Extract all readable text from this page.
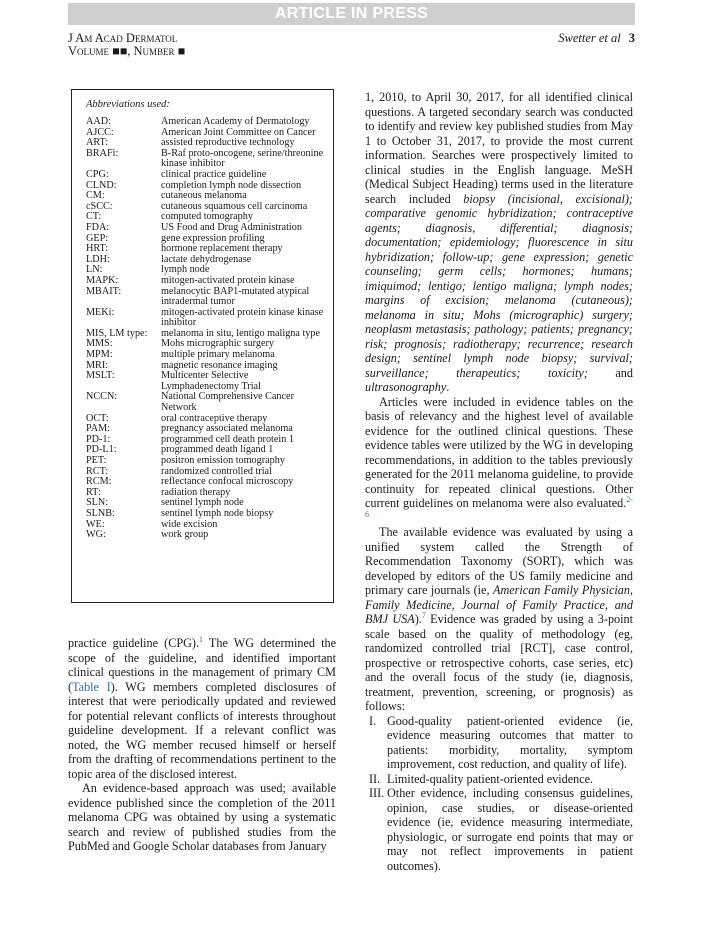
ARTICLE IN PRESS
J Am Acad Dermatol
Volume ■■, Number ■
Swetter et al 3
Abbreviations used:
AAD:	American Academy of Dermatology
AJCC:	American Joint Committee on Cancer
ART:	assisted reproductive technology
BRAFi:	B-Raf proto-oncogene, serine/threonine kinase inhibitor
CPG:	clinical practice guideline
CLND:	completion lymph node dissection
CM:	cutaneous melanoma
cSCC:	cutaneous squamous cell carcinoma
CT:	computed tomography
FDA:	US Food and Drug Administration
GEP:	gene expression profiling
HRT:	hormone replacement therapy
LDH:	lactate dehydrogenase
LN:	lymph node
MAPK:	mitogen-activated protein kinase
MBAIT:	melanocytic BAP1-mutated atypical intradermal tumor
MEKi:	mitogen-activated protein kinase kinase inhibitor
MIS, LM type:	melanoma in situ, lentigo maligna type
MMS:	Mohs micrographic surgery
MPM:	multiple primary melanoma
MRI:	magnetic resonance imaging
MSLT:	Multicenter Selective Lymphadenectomy Trial
NCCN:	National Comprehensive Cancer Network
OCT:	oral contraceptive therapy
PAM:	pregnancy associated melanoma
PD-1:	programmed cell death protein 1
PD-L1:	programmed death ligand 1
PET:	positron emission tomography
RCT:	randomized controlled trial
RCM:	reflectance confocal microscopy
RT:	radiation therapy
SLN:	sentinel lymph node
SLNB:	sentinel lymph node biopsy
WE:	wide excision
WG:	work group

practice guideline (CPG).$^1$ The WG determined the scope of the guideline, and identified important clinical questions in the management of primary CM (Table I). WG members completed disclosures of interest that were periodically updated and reviewed for potential relevant conflicts of interests throughout guideline development. If a relevant conflict was noted, the WG member recused himself or herself from the drafting of recommendations pertinent to the topic area of the disclosed interest.

An evidence-based approach was used; available evidence published since the completion of the 2011 melanoma CPG was obtained by using a systematic search and review of published studies from the PubMed and Google Scholar databases from January

1, 2010, to April 30, 2017, for all identified clinical questions. A targeted secondary search was conducted to identify and review key published studies from May 1 to October 31, 2017, to provide the most current information. Searches were prospectively limited to clinical studies in the English language. MeSH (Medical Subject Heading) terms used in the literature search included biopsy (incisional, excisional); comparative genomic hybridization; contraceptive agents; diagnosis, differential; diagnosis; documentation; epidemiology; fluorescence in situ hybridization; follow-up; gene expression; genetic counseling; germ cells; hormones; humans; imiquimod; lentigo; lentigo maligna; lymph nodes; margins of excision; melanoma (cutaneous); melanoma in situ; Mohs (micrographic) surgery; neoplasm metastasis; pathology; patients; pregnancy; risk; prognosis; radiotherapy; recurrence; research design; sentinel lymph node biopsy; survival; surveillance; therapeutics; toxicity; and ultrasonography.

Articles were included in evidence tables on the basis of relevancy and the highest level of available evidence for the outlined clinical questions. These evidence tables were utilized by the WG in developing recommendations, in addition to the tables previously generated for the 2011 melanoma guideline, to provide continuity for repeated clinical questions. Other current guidelines on melanoma were also evaluated.$^{2-6}$

The available evidence was evaluated by using a unified system called the Strength of Recommendation Taxonomy (SORT), which was developed by editors of the US family medicine and primary care journals (ie, American Family Physician, Family Medicine, Journal of Family Practice, and BMJ USA).$^7$ Evidence was graded by using a 3-point scale based on the quality of methodology (eg, randomized controlled trial [RCT], case control, prospective or retrospective cohorts, case series, etc) and the overall focus of the study (ie, diagnosis, treatment, prevention, screening, or prognosis) as follows:

I. Good-quality patient-oriented evidence (ie, evidence measuring outcomes that matter to patients: morbidity, mortality, symptom improvement, cost reduction, and quality of life).
II. Limited-quality patient-oriented evidence.
III. Other evidence, including consensus guidelines, opinion, case studies, or disease-oriented evidence (ie, evidence measuring intermediate, physiologic, or surrogate end points that may or may not reflect improvements in patient outcomes).
